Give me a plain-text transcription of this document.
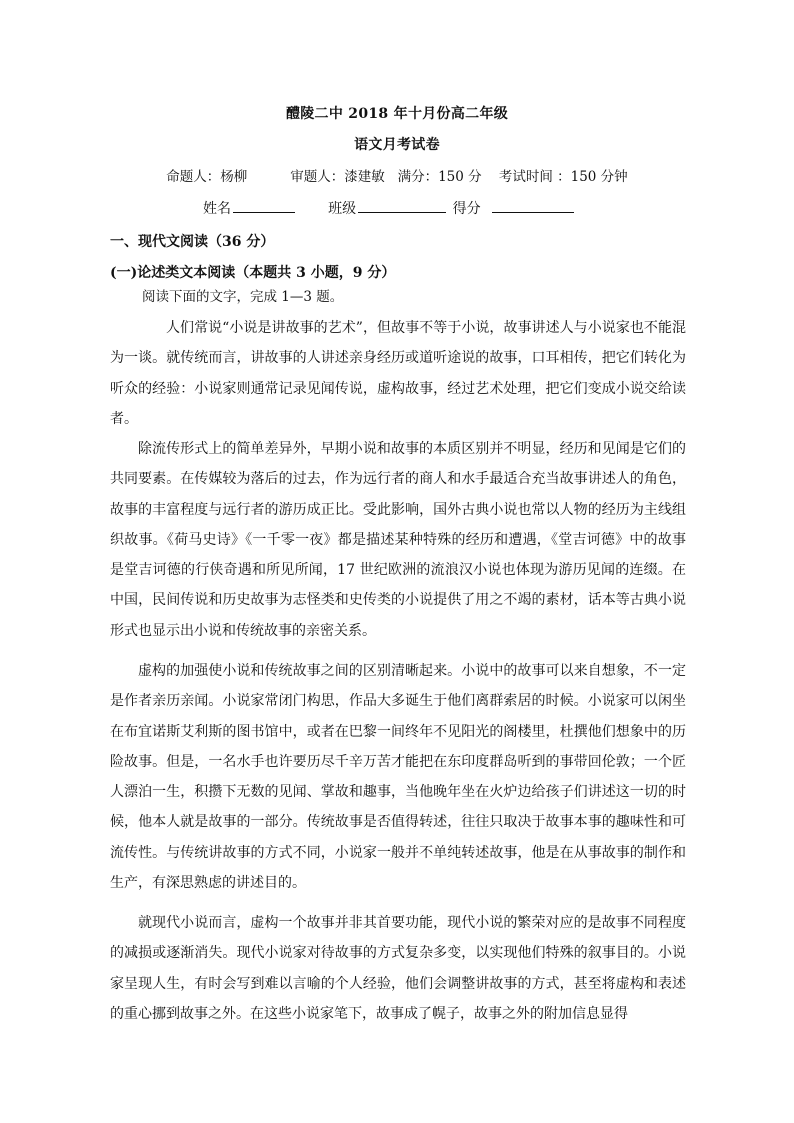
醴陵二中 2018 年十月份高二年级
语文月考试卷
命题人：杨柳	审题人：漆建敏 满分：150 分 考试时间 ：150 分钟
姓名	班级	得分
一、现代文阅读（36 分）
(一)论述类文本阅读（本题共 3 小题，9 分）
阅读下面的文字，完成 1—3 题。

人们常说“小说是讲故事的艺术”，但故事不等于小说，故事讲述人与小说家也不能混为一谈。就传统而言，讲故事的人讲述亲身经历或道听途说的故事，口耳相传，把它们转化为听众的经验：小说家则通常记录见闻传说，虚构故事，经过艺术处理，把它们变成小说交给读者。

除流传形式上的简单差异外，早期小说和故事的本质区别并不明显，经历和见闻是它们的共同要素。在传媒较为落后的过去，作为远行者的商人和水手最适合充当故事讲述人的角色，故事的丰富程度与远行者的游历成正比。受此影响，国外古典小说也常以人物的经历为主线组织故事。《荷马史诗》《一千零一夜》都是描述某种特殊的经历和遭遇，《堂吉诃德》中的故事是堂吉诃德的行侠奇遇和所见所闻，17 世纪欧洲的流浪汉小说也体现为游历见闻的连缀。在中国，民间传说和历史故事为志怪类和史传类的小说提供了用之不竭的素材，话本等古典小说形式也显示出小说和传统故事的亲密关系。

虚构的加强使小说和传统故事之间的区别清晰起来。小说中的故事可以来自想象，不一定是作者亲历亲闻。小说家常闭门构思，作品大多诞生于他们离群索居的时候。小说家可以闲坐在布宜诺斯艾利斯的图书馆中，或者在巴黎一间终年不见阳光的阁楼里，杜撰他们想象中的历险故事。但是，一名水手也许要历尽千辛万苦才能把在东印度群岛听到的事带回伦敦；一个匠人漂泊一生，积攒下无数的见闻、掌故和趣事，当他晚年坐在火炉边给孩子们讲述这一切的时候，他本人就是故事的一部分。传统故事是否值得转述，往往只取决于故事本事的趣味性和可流传性。与传统讲故事的方式不同，小说家一般并不单纯转述故事，他是在从事故事的制作和生产，有深思熟虑的讲述目的。

就现代小说而言，虚构一个故事并非其首要功能，现代小说的繁荣对应的是故事不同程度的减损或逐渐消失。现代小说家对待故事的方式复杂多变，以实现他们特殊的叙事目的。小说家呈现人生，有时会写到难以言喻的个人经验，他们会调整讲故事的方式，甚至将虚构和表述的重心挪到故事之外。在这些小说家笔下，故事成了幌子，故事之外的附加信息显得
